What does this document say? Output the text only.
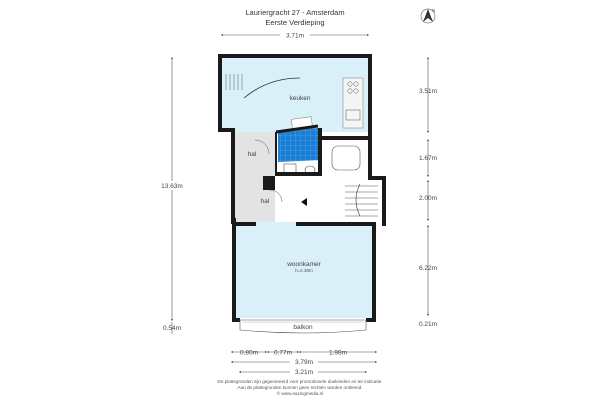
Lauriergracht 27 - Amsterdam
Eerste Verdieping
N
3.71m
13.63m
0.54m
3.51m
1.67m
2.00m
6.22m
0.21m
keuken
hal
hal
woonkamer
h=2.38m
balkon
0.80m 0.77m	1.98m
3.79m
3.21m
De plattegronden zijn gegenereerd voor promotionele doeleinden en ter indicatie.
Aan de plattegronden kunnen geen rechten worden ontleend.
© www.eazingmedia.nl
